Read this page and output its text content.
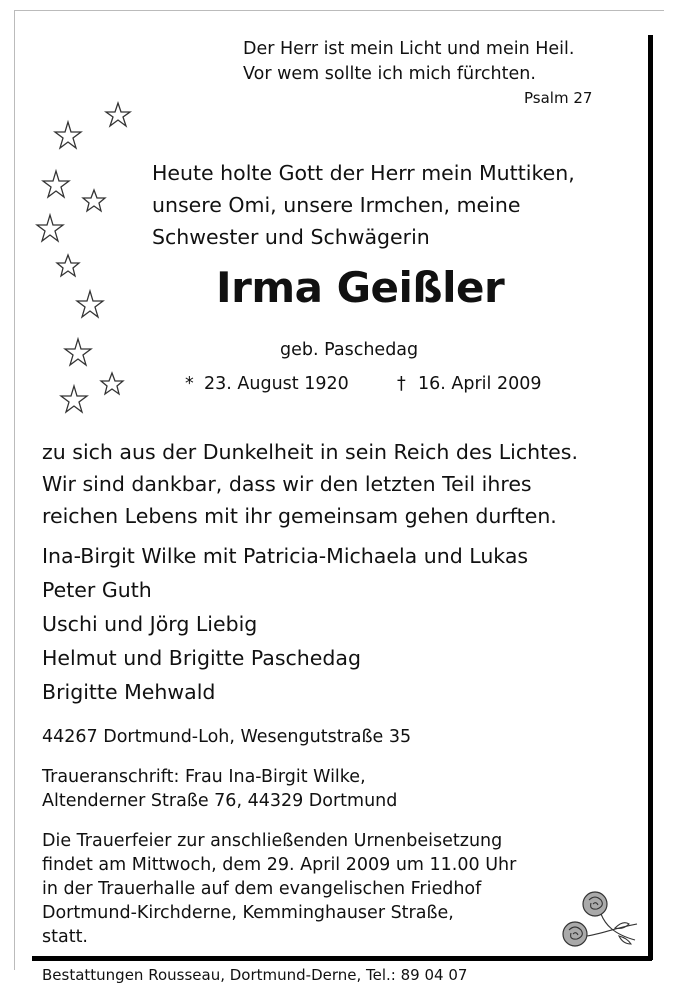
Der Herr ist mein Licht und mein Heil.

Vor wem sollte ich mich fürchten.

Psalm 27

Heute holte Gott der Herr mein Muttiken,

unsere Omi, unsere Irmchen, meine

Schwester und Schwägerin

Irma Geißler

geb. Paschedag

* 23. August 1920	† 16. April 2009

zu sich aus der Dunkelheit in sein Reich des Lichtes.

Wir sind dankbar, dass wir den letzten Teil ihres

reichen Lebens mit ihr gemeinsam gehen durften.

Ina-Birgit Wilke mit Patricia-Michaela und Lukas

Peter Guth

Uschi und Jörg Liebig

Helmut und Brigitte Paschedag

Brigitte Mehwald

44267 Dortmund-Loh, Wesengutstraße 35

Traueranschrift: Frau Ina-Birgit Wilke,

Altenderner Straße 76, 44329 Dortmund

Die Trauerfeier zur anschließenden Urnenbeisetzung

findet am Mittwoch, dem 29. April 2009 um 11.00 Uhr

in der Trauerhalle auf dem evangelischen Friedhof

Dortmund-Kirchderne, Kemminghauser Straße,

statt.

Bestattungen Rousseau, Dortmund-Derne, Tel.: 89 04 07
